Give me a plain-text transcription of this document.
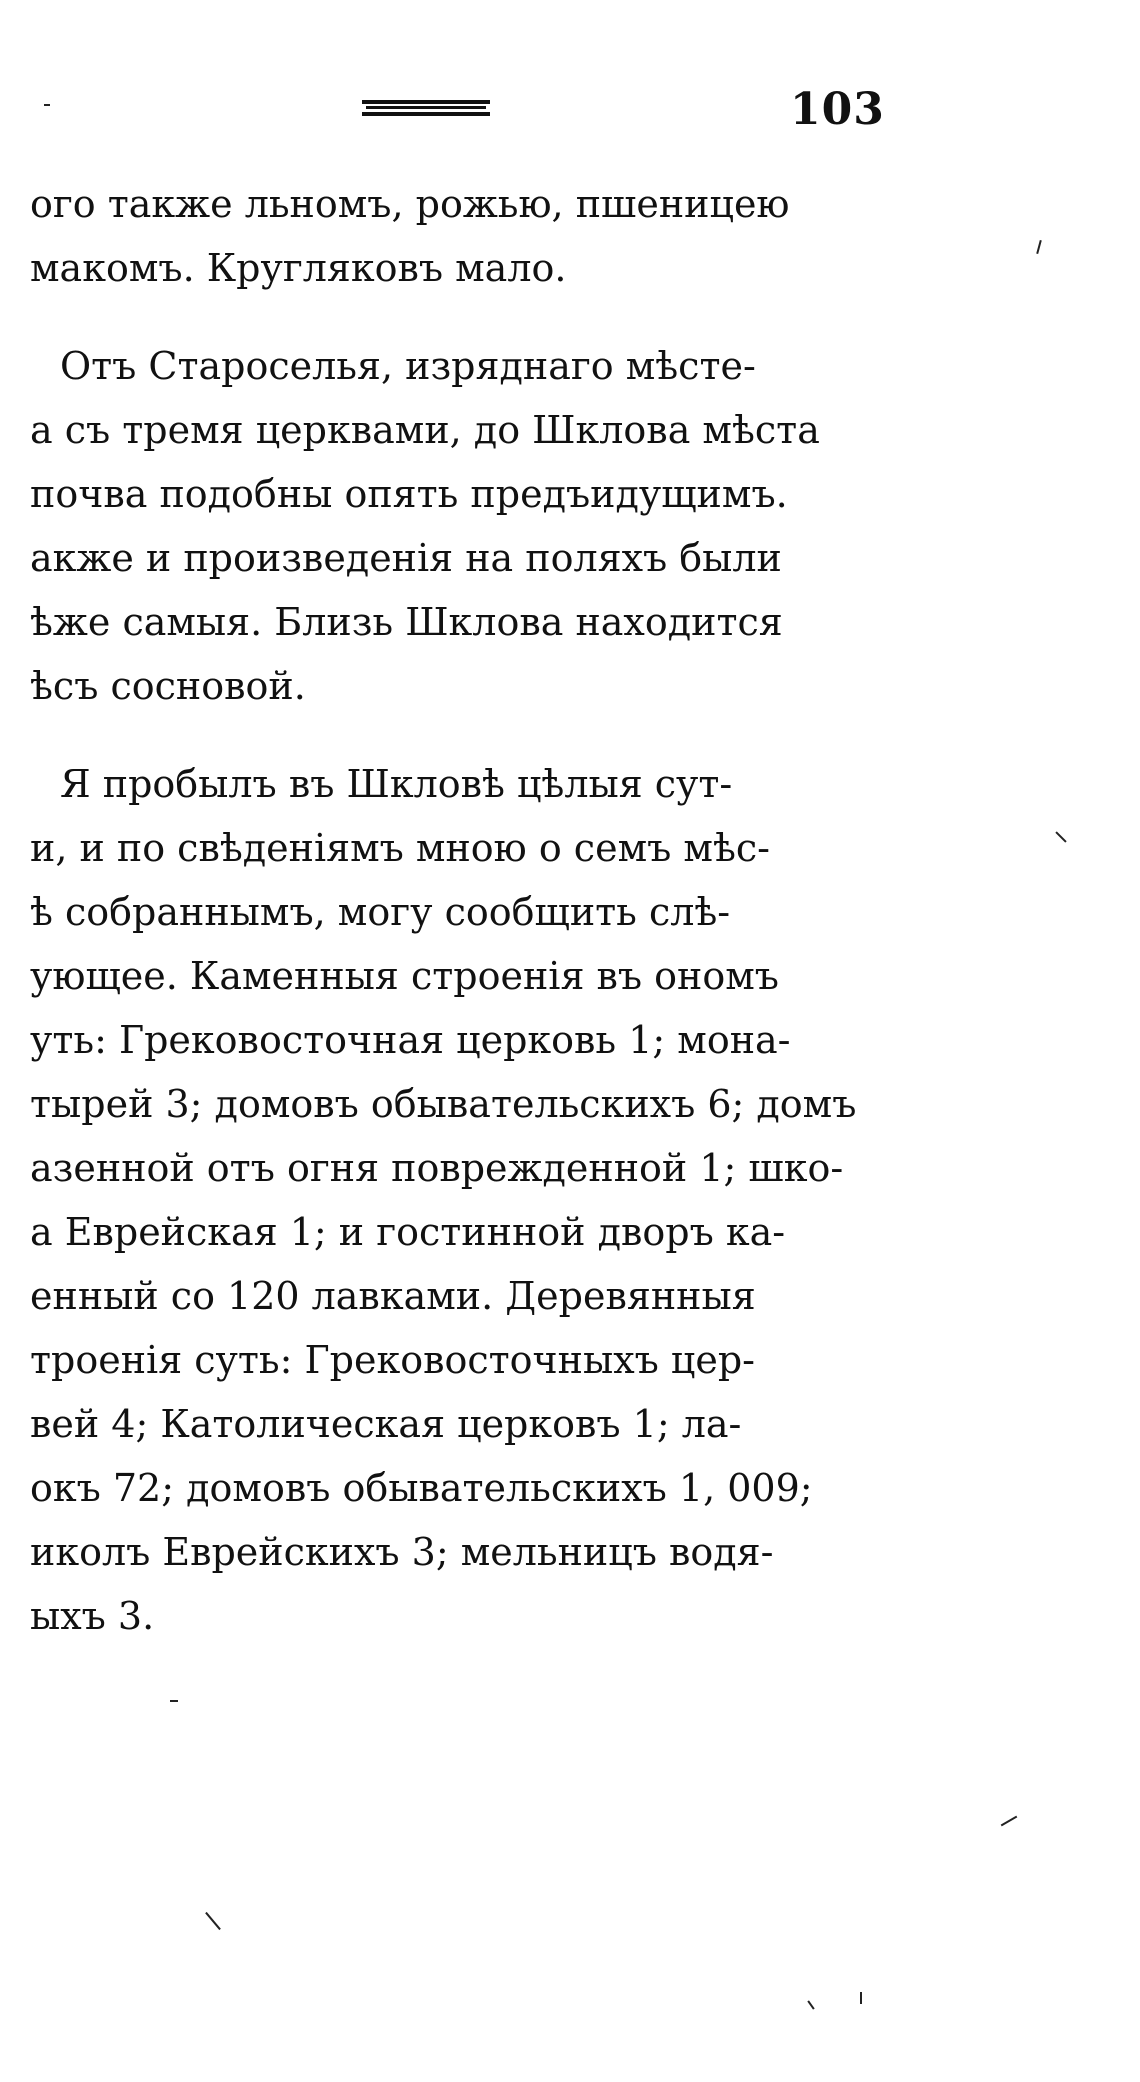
103
ого также льномъ, рожью, пшеницею
макомъ. Кругляковъ мало.
Отъ Староселья, изряднаго мѣсте-
а съ тремя церквами, до Шклова мѣста
почва подобны опять предъидущимъ.
акже и произведенія на поляхъ были
ѣже самыя. Близь Шклова находится
ѣсъ сосновой.
Я пробылъ въ Шкловѣ цѣлыя сут-
и, и по свѣденіямъ мною о семъ мѣс-
ѣ собраннымъ, могу сообщить слѣ-
ующее. Каменныя строенія въ ономъ
уть: Грековосточная церковь 1; мона-
тырей 3; домовъ обывательскихъ 6; домъ
азенной отъ огня поврежденной 1; шко-
а Еврейская 1; и гостинной дворъ ка-
енный со 120 лавками. Деревянныя
троенія суть: Грековосточныхъ цер-
вей 4; Католическая церковъ 1; ла-
окъ 72; домовъ обывательскихъ 1, 009;
иколъ Еврейскихъ 3; мельницъ водя-
ыхъ 3.
